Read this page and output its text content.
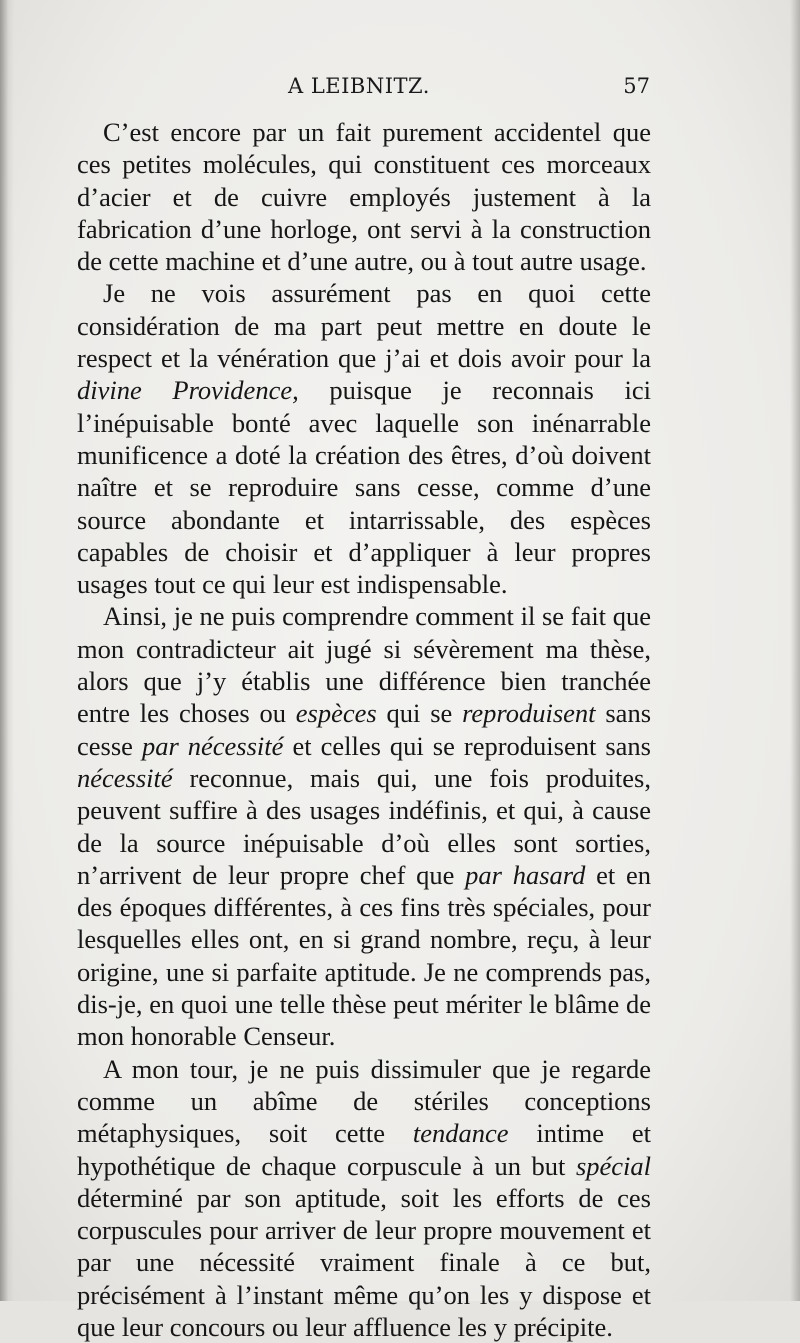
A LEIBNITZ.	57

C’est encore par un fait purement accidentel que ces petites molécules, qui constituent ces morceaux d’acier et de cuivre employés justement à la fabrication d’une horloge, ont servi à la construction de cette machine et d’une autre, ou à tout autre usage.

Je ne vois assurément pas en quoi cette considération de ma part peut mettre en doute le respect et la vénération que j’ai et dois avoir pour la divine Providence, puisque je reconnais ici l’inépuisable bonté avec laquelle son inénarrable munificence a doté la création des êtres, d’où doivent naître et se reproduire sans cesse, comme d’une source abondante et intarrissable, des espèces capables de choisir et d’appliquer à leur propres usages tout ce qui leur est indispensable.

Ainsi, je ne puis comprendre comment il se fait que mon contradicteur ait jugé si sévèrement ma thèse, alors que j’y établis une différence bien tranchée entre les choses ou espèces qui se reproduisent sans cesse par nécessité et celles qui se reproduisent sans nécessité reconnue, mais qui, une fois produites, peuvent suffire à des usages indéfinis, et qui, à cause de la source inépuisable d’où elles sont sorties, n’arrivent de leur propre chef que par hasard et en des époques différentes, à ces fins très spéciales, pour lesquelles elles ont, en si grand nombre, reçu, à leur origine, une si parfaite aptitude. Je ne comprends pas, dis-je, en quoi une telle thèse peut mériter le blâme de mon honorable Censeur.

A mon tour, je ne puis dissimuler que je regarde comme un abîme de stériles conceptions métaphysiques, soit cette tendance intime et hypothétique de chaque corpuscule à un but spécial déterminé par son aptitude, soit les efforts de ces corpuscules pour arriver de leur propre mouvement et par une nécessité vraiment finale à ce but, précisément à l’instant même qu’on les y dispose et que leur concours ou leur affluence les y précipite.
